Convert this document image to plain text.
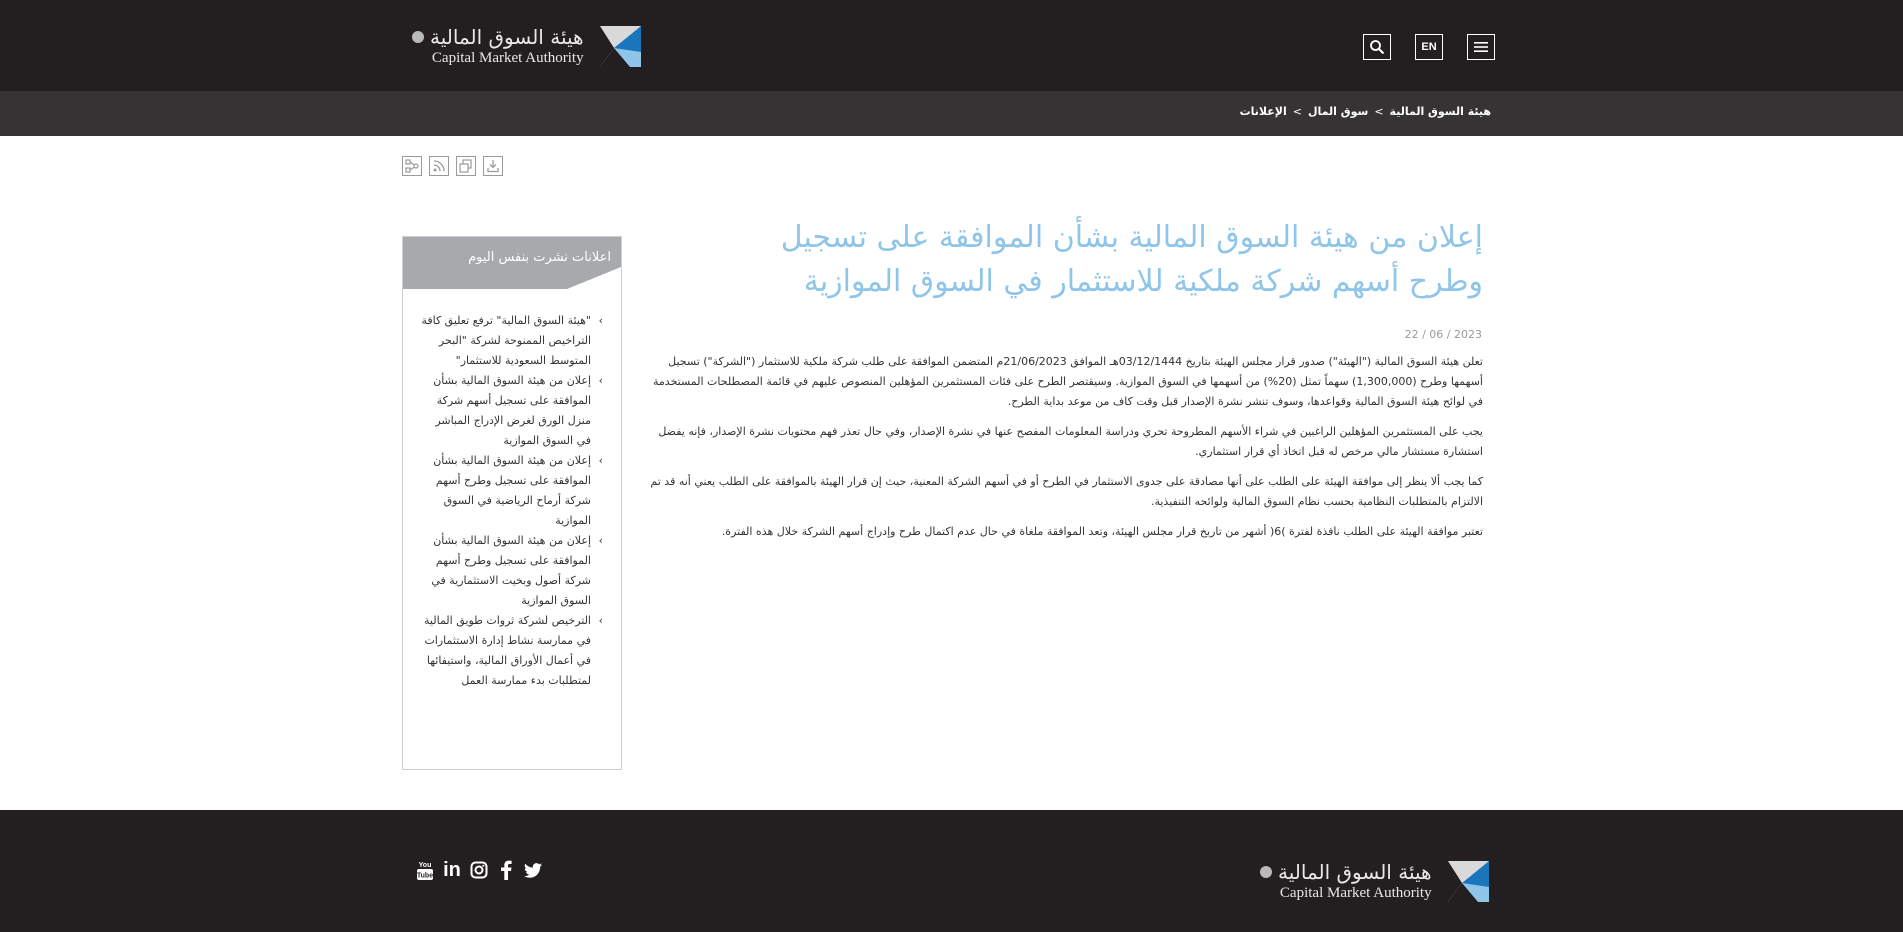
هيئة السوق المالية
Capital Market Authority
EN
هيئة السوق المالية
>
سوق المال
>
الإعلانات
إعلان من هيئة السوق المالية بشأن الموافقة على تسجيل وطرح أسهم شركة ملكية للاستثمار في السوق الموازية
22 / 06 / 2023

تعلن هيئة السوق المالية ("الهيئة") صدور قرار مجلس الهيئة بتاريخ 03/12/1444هـ الموافق 21/06/2023م المتضمن الموافقة على طلب شركة ملكية للاستثمار ("الشركة") تسجيل أسهمها وطرح (1,300,000) سهماً تمثل (20%) من أسهمها في السوق الموازية. وسيقتصر الطرح على فئات المستثمرين المؤهلين المنصوص عليهم في قائمة المصطلحات المستخدمة في لوائح هيئة السوق المالية وقواعدها، وسوف تنشر نشرة الإصدار قبل وقت كاف من موعد بداية الطرح.

يجب على المستثمرين المؤهلين الراغبين في شراء الأسهم المطروحة تحري ودراسة المعلومات المفصح عنها في نشرة الإصدار، وفي حال تعذر فهم محتويات نشرة الإصدار، فإنه يفضل استشارة مستشار مالي مرخص له قبل اتخاذ أي قرار استثماري.

كما يجب ألا ينظر إلى موافقة الهيئة على الطلب على أنها مصادقة على جدوى الاستثمار في الطرح أو في أسهم الشركة المعنية، حيث إن قرار الهيئة بالموافقة على الطلب يعني أنه قد تم الالتزام بالمتطلبات النظامية بحسب نظام السوق المالية ولوائحه التنفيذية.

تعتبر موافقة الهيئة على الطلب نافذة لفترة )6( أشهر من تاريخ قرار مجلس الهيئة، وتعد الموافقة ملغاة في حال عدم اكتمال طرح وإدراج أسهم الشركة خلال هذه الفترة.

اعلانات نشرت بنفس اليوم
›
"هيئة السوق المالية" ترفع تعليق كافة التراخيص الممنوحة لشركة "البحر المتوسط السعودية للاستثمار"
›
إعلان من هيئة السوق المالية بشأن الموافقة على تسجيل أسهم شركة منزل الورق لغرض الإدراج المباشر في السوق الموازية
›
إعلان من هيئة السوق المالية بشأن الموافقة على تسجيل وطرح أسهم شركة أرماح الرياضية في السوق الموازية
›
إعلان من هيئة السوق المالية بشأن الموافقة على تسجيل وطرح أسهم شركة أصول وبخيت الاستثمارية في السوق الموازية
›
الترخيص لشركة ثروات طويق المالية في ممارسة نشاط إدارة الاستثمارات في أعمال الأوراق المالية، واستيفائها لمتطلبات بدء ممارسة العمل
هيئة السوق المالية
Capital Market Authority
You
Tube in
